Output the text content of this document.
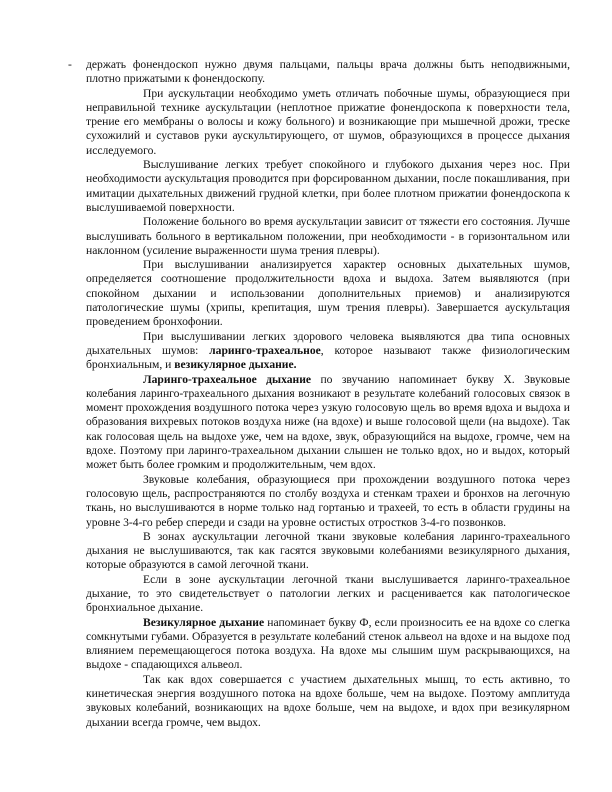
- держать фонендоскоп нужно двумя пальцами, пальцы врача должны быть неподвижными, плотно прижатыми к фонендоскопу.

При аускультации необходимо уметь отличать побочные шумы, образующиеся при неправильной технике аускультации (неплотное прижатие фонендоскопа к поверхности тела, трение его мембраны о волосы и кожу больного) и возникающие при мышечной дрожи, треске сухожилий и суставов руки аускультирующего, от шумов, образующихся в процессе дыхания исследуемого.

Выслушивание легких требует спокойного и глубокого дыхания через нос. При необходимости аускультация проводится при форсированном дыхании, после покашливания, при имитации дыхательных движений грудной клетки, при более плотном прижатии фонендоскопа к выслушиваемой поверхности.

Положение больного во время аускультации зависит от тяжести его состояния. Лучше выслушивать больного в вертикальном положении, при необходимости - в горизонтальном или наклонном (усиление выраженности шума трения плевры).

При выслушивании анализируется характер основных дыхательных шумов, определяется соотношение продолжительности вдоха и выдоха. Затем выявляются (при спокойном дыхании и использовании дополнительных приемов) и анализируются патологические шумы (хрипы, крепитация, шум трения плевры). Завершается аускультация проведением бронхофонии.

При выслушивании легких здорового человека выявляются два типа основных дыхательных шумов: ларинго-трахеальное, которое называют также физиологическим бронхиальным, и везикулярное дыхание.

Ларинго-трахеальное дыхание по звучанию напоминает букву X. Звуковые колебания ларинго-трахеального дыхания возникают в результате колебаний голосовых связок в момент прохождения воздушного потока через узкую голосовую щель во время вдоха и выдоха и образования вихревых потоков воздуха ниже (на вдохе) и выше голосовой щели (на выдохе). Так как голосовая щель на выдохе уже, чем на вдохе, звук, образующийся на выдохе, громче, чем на вдохе. Поэтому при ларинго-трахеальном дыхании слышен не только вдох, но и выдох, который может быть более громким и продолжительным, чем вдох.

Звуковые колебания, образующиеся при прохождении воздушного потока через голосовую щель, распространяются по столбу воздуха и стенкам трахеи и бронхов на легочную ткань, но выслушиваются в норме только над гортанью и трахеей, то есть в области грудины на уровне 3-4-го ребер спереди и сзади на уровне остистых отростков 3-4-го позвонков.

В зонах аускультации легочной ткани звуковые колебания ларинго-трахеального дыхания не выслушиваются, так как гасятся звуковыми колебаниями везикулярного дыхания, которые образуются в самой легочной ткани.

Если в зоне аускультации легочной ткани выслушивается ларинго-трахеальное дыхание, то это свидетельствует о патологии легких и расценивается как патологическое бронхиальное дыхание.

Везикулярное дыхание напоминает букву Ф, если произносить ее на вдохе со слегка сомкнутыми губами. Образуется в результате колебаний стенок альвеол на вдохе и на выдохе под влиянием перемещающегося потока воздуха. На вдохе мы слышим шум раскрывающихся, на выдохе - спадающихся альвеол.

Так как вдох совершается с участием дыхательных мышц, то есть активно, то кинетическая энергия воздушного потока на вдохе больше, чем на выдохе. Поэтому амплитуда звуковых колебаний, возникающих на вдохе больше, чем на выдохе, и вдох при везикулярном дыхании всегда громче, чем выдох.
